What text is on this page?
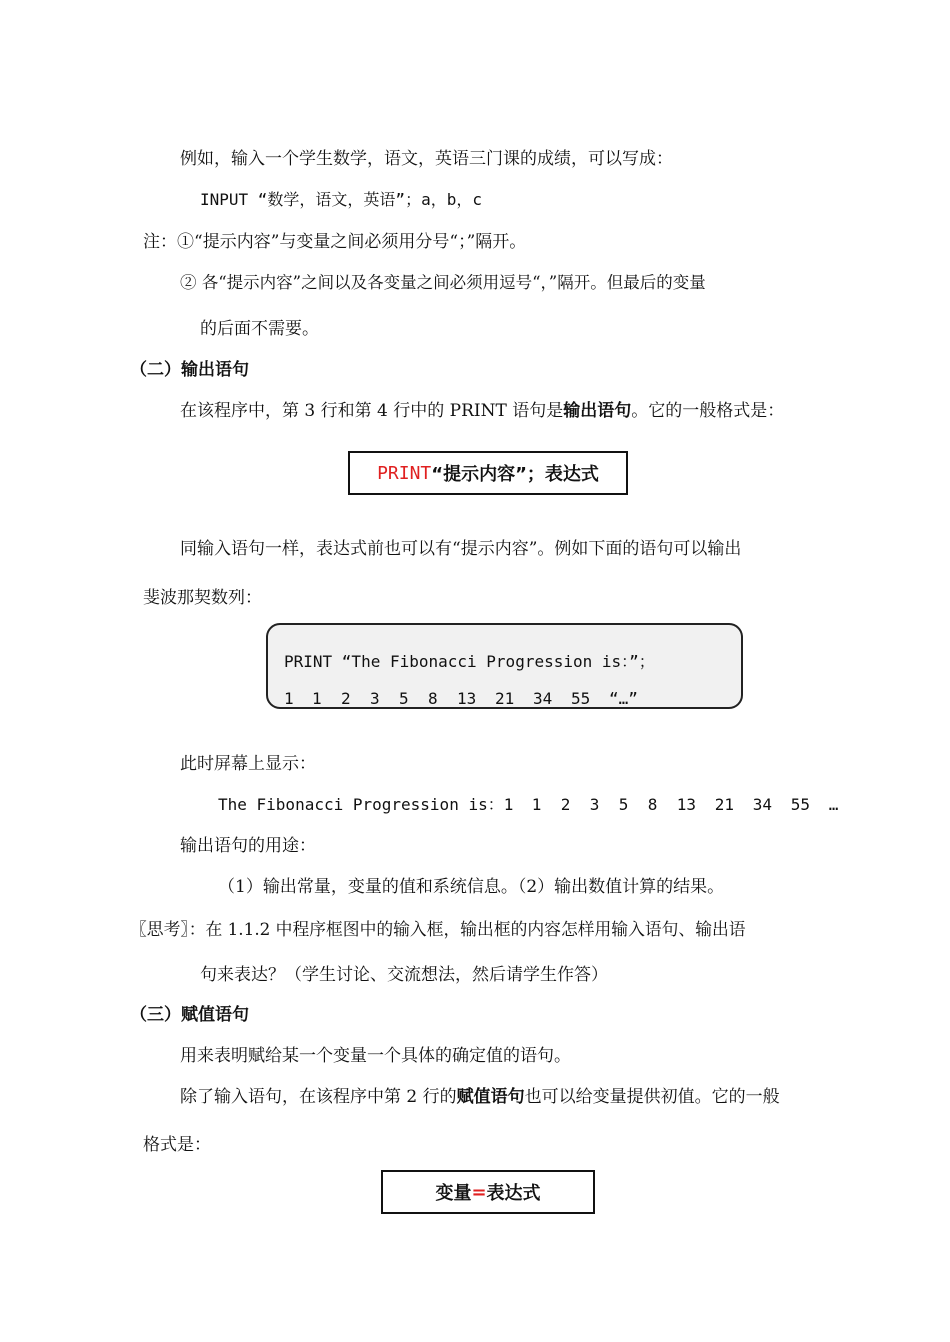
例如，输入一个学生数学，语文，英语三门课的成绩，可以写成：
INPUT “数学，语文，英语”；a，b，c
注：①“提示内容”与变量之间必须用分号“；”隔开。
② 各“提示内容”之间以及各变量之间必须用逗号“，”隔开。但最后的变量
的后面不需要。
（二）输出语句
在该程序中，第 3 行和第 4 行中的 PRINT 语句是输出语句。它的一般格式是：
PRINT “提示内容”；表达式
同输入语句一样，表达式前也可以有“提示内容”。例如下面的语句可以输出
斐波那契数列：
PRINT “The Fibonacci Progression is：”；
1 1 2 3 5 8 13 21 34 55 “…”
此时屏幕上显示：
The Fibonacci Progression is：1 1 2 3 5 8 13 21 34 55 …
输出语句的用途：
（1）输出常量，变量的值和系统信息。（2）输出数值计算的结果。
〖思考〗：在 1.1.2 中程序框图中的输入框，输出框的内容怎样用输入语句、输出语
句来表达？（学生讨论、交流想法，然后请学生作答）
（三）赋值语句
用来表明赋给某一个变量一个具体的确定值的语句。
除了输入语句，在该程序中第 2 行的赋值语句也可以给变量提供初值。它的一般
格式是：
变量 = 表达式
